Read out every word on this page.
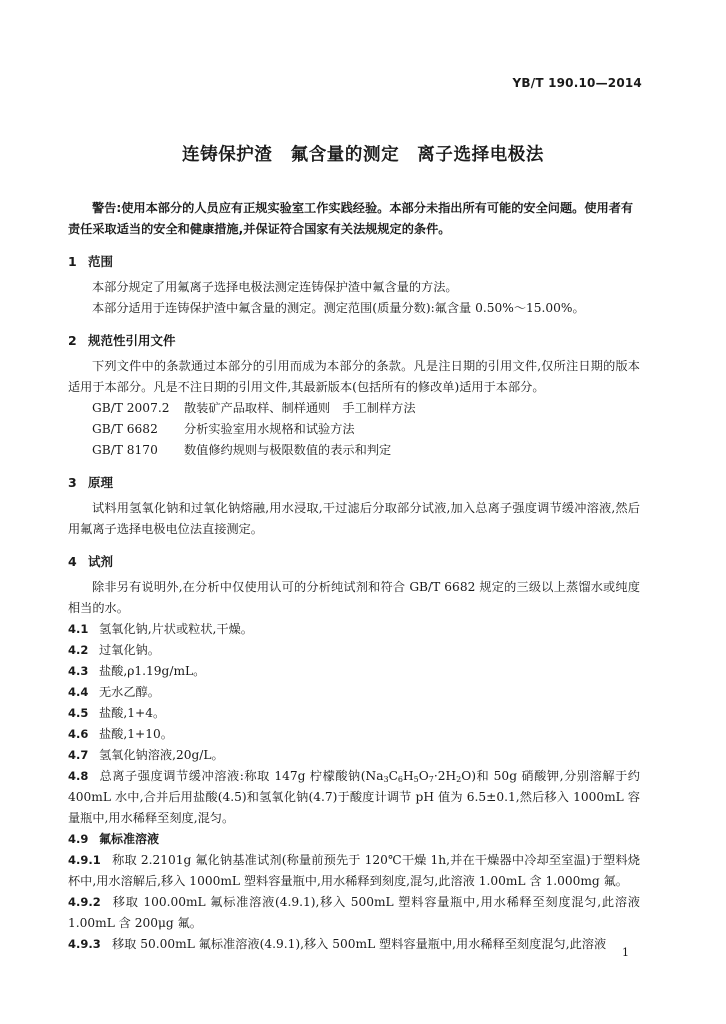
YB/T 190.10—2014
连铸保护渣　氟含量的测定　离子选择电极法

警告:使用本部分的人员应有正规实验室工作实践经验。本部分未指出所有可能的安全问题。使用者有责任采取适当的安全和健康措施,并保证符合国家有关法规规定的条件。

1 范围

本部分规定了用氟离子选择电极法测定连铸保护渣中氟含量的方法。

本部分适用于连铸保护渣中氟含量的测定。测定范围(质量分数):氟含量 0.50%～15.00%。

2 规范性引用文件

下列文件中的条款通过本部分的引用而成为本部分的条款。凡是注日期的引用文件,仅所注日期的版本适用于本部分。凡是不注日期的引用文件,其最新版本(包括所有的修改单)适用于本部分。

GB/T 2007.2 散装矿产品取样、制样通则　手工制样方法
GB/T 6682 分析实验室用水规格和试验方法
GB/T 8170 数值修约规则与极限数值的表示和判定
3 原理

试料用氢氧化钠和过氧化钠熔融,用水浸取,干过滤后分取部分试液,加入总离子强度调节缓冲溶液,然后用氟离子选择电极电位法直接测定。

4 试剂

除非另有说明外,在分析中仅使用认可的分析纯试剂和符合 GB/T 6682 规定的三级以上蒸馏水或纯度相当的水。

4.1 氢氧化钠,片状或粒状,干燥。
4.2 过氧化钠。
4.3 盐酸,ρ1.19g/mL。
4.4 无水乙醇。
4.5 盐酸,1+4。
4.6 盐酸,1+10。
4.7 氢氧化钠溶液,20g/L。

4.8 总离子强度调节缓冲溶液:称取 147g 柠檬酸钠$(Na_3C_6H_5O_7\cdot 2H_2O)$和 50g 硝酸钾,分别溶解于约 400mL 水中,合并后用盐酸(4.5)和氢氧化钠(4.7)于酸度计调节 pH 值为 6.5±0.1,然后移入 1000mL 容量瓶中,用水稀释至刻度,混匀。

4.9 氟标准溶液

4.9.1 称取 2.2101g 氟化钠基准试剂(称量前预先于 120℃干燥 1h,并在干燥器中冷却至室温)于塑料烧杯中,用水溶解后,移入 1000mL 塑料容量瓶中,用水稀释到刻度,混匀,此溶液 1.00mL 含 1.000mg 氟。

4.9.2 移取 100.00mL 氟标准溶液(4.9.1),移入 500mL 塑料容量瓶中,用水稀释至刻度混匀,此溶液 1.00mL 含 200μg 氟。

4.9.3 移取 50.00mL 氟标准溶液(4.9.1),移入 500mL 塑料容量瓶中,用水稀释至刻度混匀,此溶液

1
